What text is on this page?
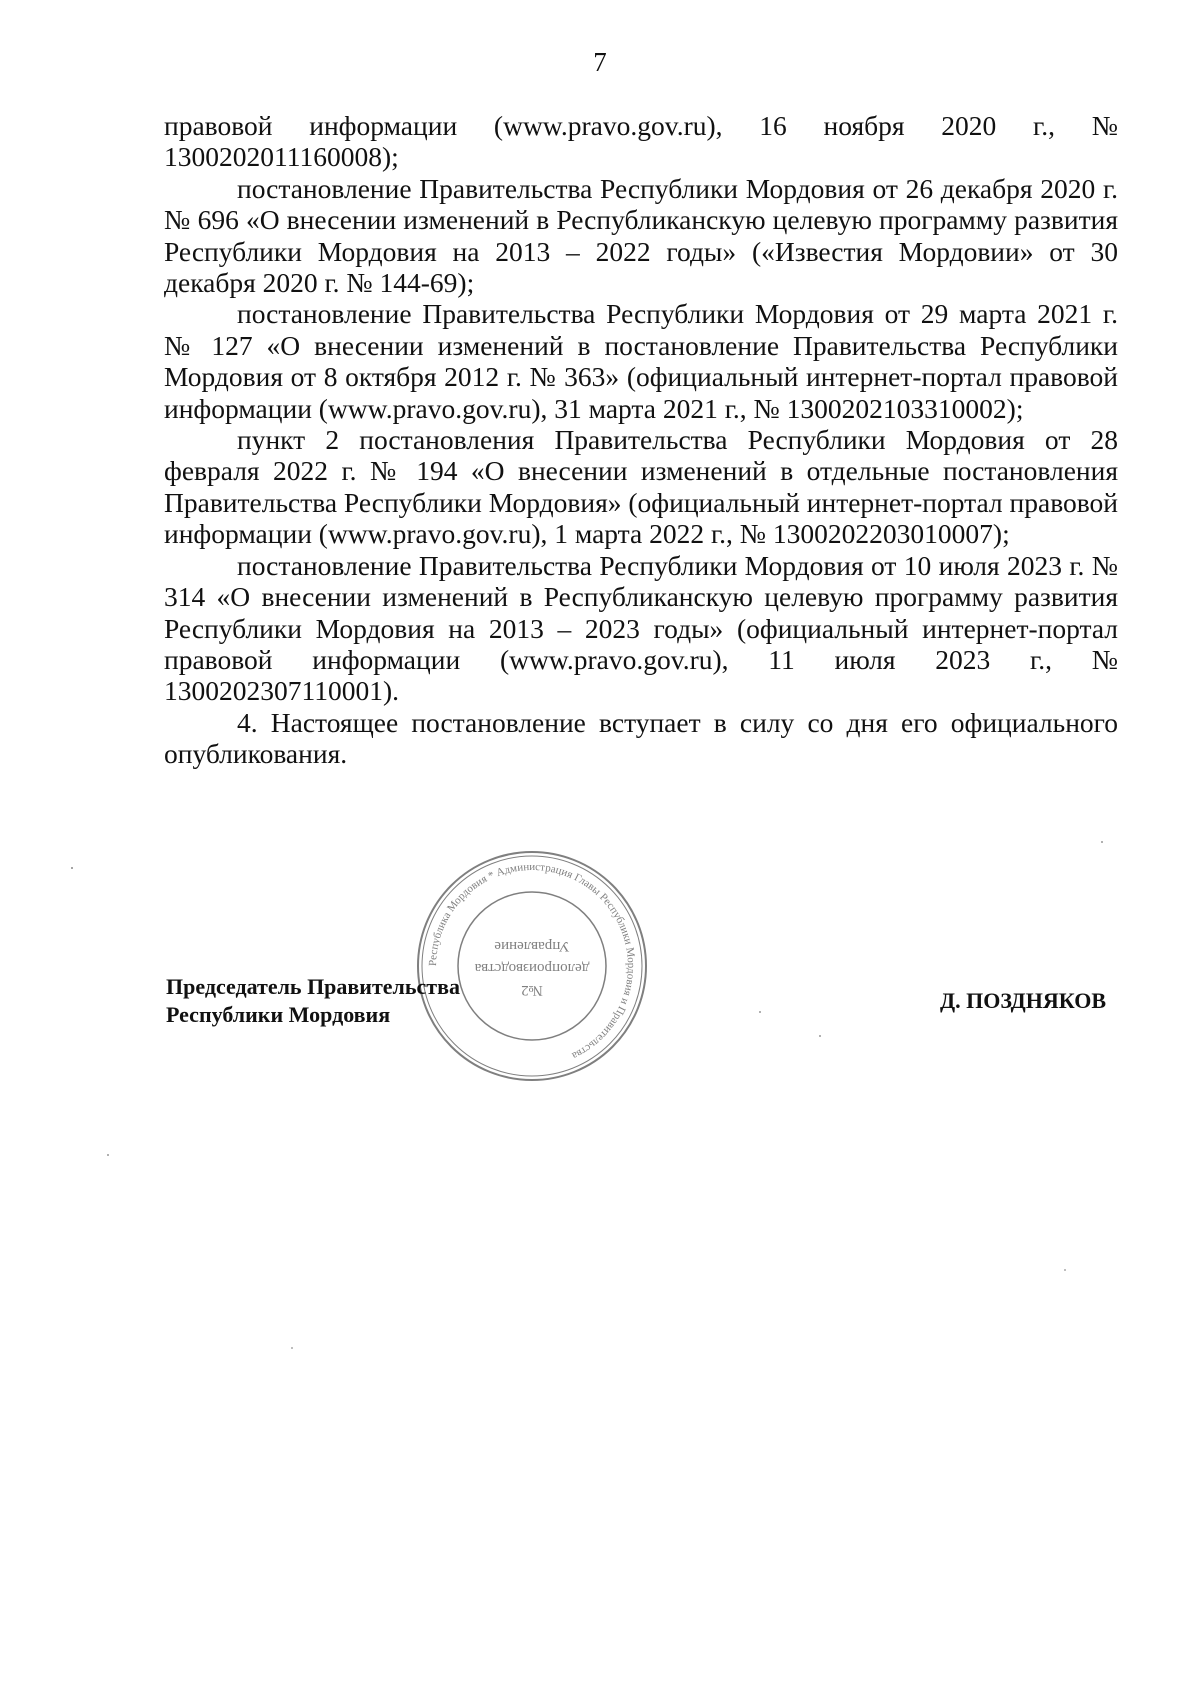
7

правовой информации (www.pravo.gov.ru), 16 ноября 2020 г., № 1300202011160008);

постановление Правительства Республики Мордовия от 26 декабря 2020 г. № 696 «О внесении изменений в Республиканскую целевую программу развития Республики Мордовия на 2013 – 2022 годы» («Известия Мордовии» от 30 декабря 2020 г. № 144-69);

постановление Правительства Республики Мордовия от 29 марта 2021 г. № 127 «О внесении изменений в постановление Правительства Республики Мордовия от 8 октября 2012 г. № 363» (официальный интернет-портал правовой информации (www.pravo.gov.ru), 31 марта 2021 г., № 1300202103310002);

пункт 2 постановления Правительства Республики Мордовия от 28 февраля 2022 г. № 194 «О внесении изменений в отдельные постановления Правительства Республики Мордовия» (официальный интернет-портал правовой информации (www.pravo.gov.ru), 1 марта 2022 г., № 1300202203010007);

постановление Правительства Республики Мордовия от 10 июля 2023 г. № 314 «О внесении изменений в Республиканскую целевую программу развития Республики Мордовия на 2013 – 2023 годы» (официальный интернет-портал правовой информации (www.pravo.gov.ru), 11 июля 2023 г., № 1300202307110001).

4. Настоящее постановление вступает в силу со дня его официального опубликования.

Республика Мордовия * Администрация Главы Республики Мордовия и Правительства
№2
делопроизводства
Управление
Председатель Правительства
Республики Мордовия
Д. ПОЗДНЯКОВ
